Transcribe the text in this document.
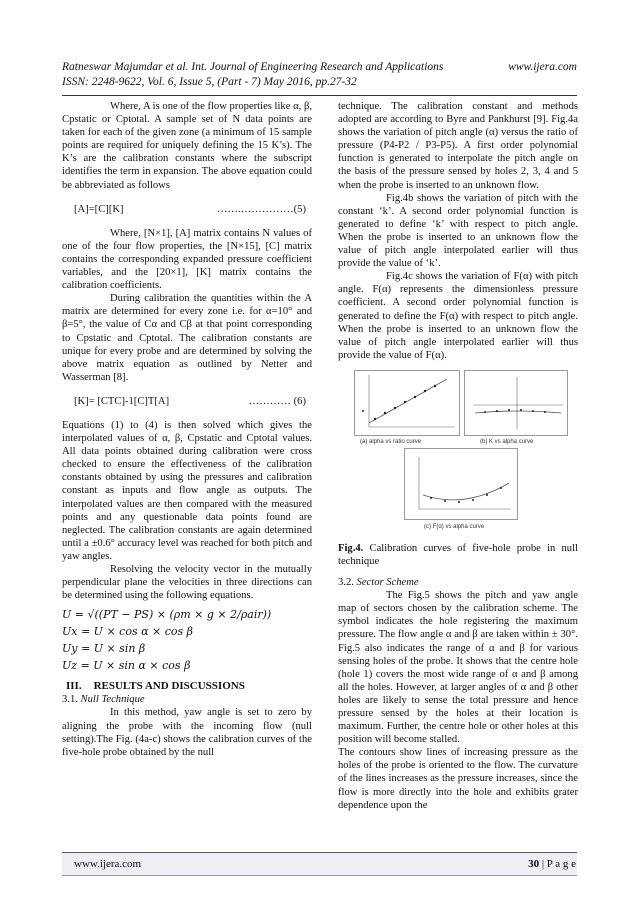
Ratneswar Majumdar et al. Int. Journal of Engineering Research and Applications	www.ijera.com
ISSN: 2248-9622, Vol. 6, Issue 5, (Part - 7) May 2016, pp.27-32

Where, A is one of the flow properties like α, β, Cpstatic or Cptotal. A sample set of N data points are taken for each of the given zone (a minimum of 15 sample points are required for uniquely defining the 15 K’s). The K’s are the calibration constants where the subscript identifies the term in expansion. The above equation could be abbreviated as follows

[A]=[C][K]	…….……………(5)

Where, [N×1], [A] matrix contains N values of one of the four flow properties, the [N×15], [C] matrix contains the corresponding expanded pressure coefficient variables, and the [20×1], [K] matrix contains the calibration coefficients.

During calibration the quantities within the A matrix are determined for every zone i.e. for α=10° and β=5°, the value of Cα and Cβ at that point corresponding to Cpstatic and Cptotal. The calibration constants are unique for every probe and are determined by solving the above matrix equation as outlined by Netter and Wasserman [8].

[K]= [CTC]-1[C]T[A]	………… (6)

Equations (1) to (4) is then solved which gives the interpolated values of α, β, Cpstatic and Cptotal values. All data points obtained during calibration were cross checked to ensure the effectiveness of the calibration constants obtained by using the pressures and calibration constant as inputs and flow angle as outputs. The interpolated values are then compared with the measured points and any questionable data points found are neglected. The calibration constants are again determined until a ±0.6° accuracy level was reached for both pitch and yaw angles.

Resolving the velocity vector in the mutually perpendicular plane the velocities in three directions can be determined using the following equations.

U = √((PT − PS) × (ρm × g × 2/ρair))
Ux = U × cos α × cos β
Uy = U × sin β
Uz = U × sin α × cos β
III. RESULTS AND DISCUSSIONS

3.1. Null Technique

In this method, yaw angle is set to zero by aligning the probe with the incoming flow (null setting).The Fig. (4a-c) shows the calibration curves of the five-hole probe obtained by the null

technique. The calibration constant and methods adopted are according to Byre and Pankhurst [9]. Fig.4a shows the variation of pitch angle (α) versus the ratio of pressure (P4-P2 / P3-P5). A first order polynomial function is generated to interpolate the pitch angle on the basis of the pressure sensed by holes 2, 3, 4 and 5 when the probe is inserted to an unknown flow.

Fig.4b shows the variation of pitch with the constant ‘k’. A second order polynomial function is generated to define ‘k’ with respect to pitch angle. When the probe is inserted to an unknown flow the value of pitch angle interpolated earlier will thus provide the value of ‘k’.

Fig.4c shows the variation of F(α) with pitch angle. F(α) represents the dimensionless pressure coefficient. A second order polynomial function is generated to define the F(α) with respect to pitch angle. When the probe is inserted to an unknown flow the value of pitch angle interpolated earlier will thus provide the value of F(α).

(a) alpha vs ratio curve	(b) K vs alpha curve
(c) F(α) vs alpha curve

Fig.4. Calibration curves of five-hole probe in null technique

3.2. Sector Scheme

The Fig.5 shows the pitch and yaw angle map of sectors chosen by the calibration scheme. The symbol indicates the hole registering the maximum pressure. The flow angle α and β are taken within ± 30°. Fig.5 also indicates the range of α and β for various sensing holes of the probe. It shows that the centre hole (hole 1) covers the most wide range of α and β among all the holes. However, at larger angles of α and β other holes are likely to sense the total pressure and hence pressure sensed by the holes at their location is maximum. Further, the centre hole or other holes at this position will become stalled.

The contours show lines of increasing pressure as the holes of the probe is oriented to the flow. The curvature of the lines increases as the pressure increases, since the flow is more directly into the hole and exhibits grater dependence upon the

www.ijera.com	30 | P a g e
